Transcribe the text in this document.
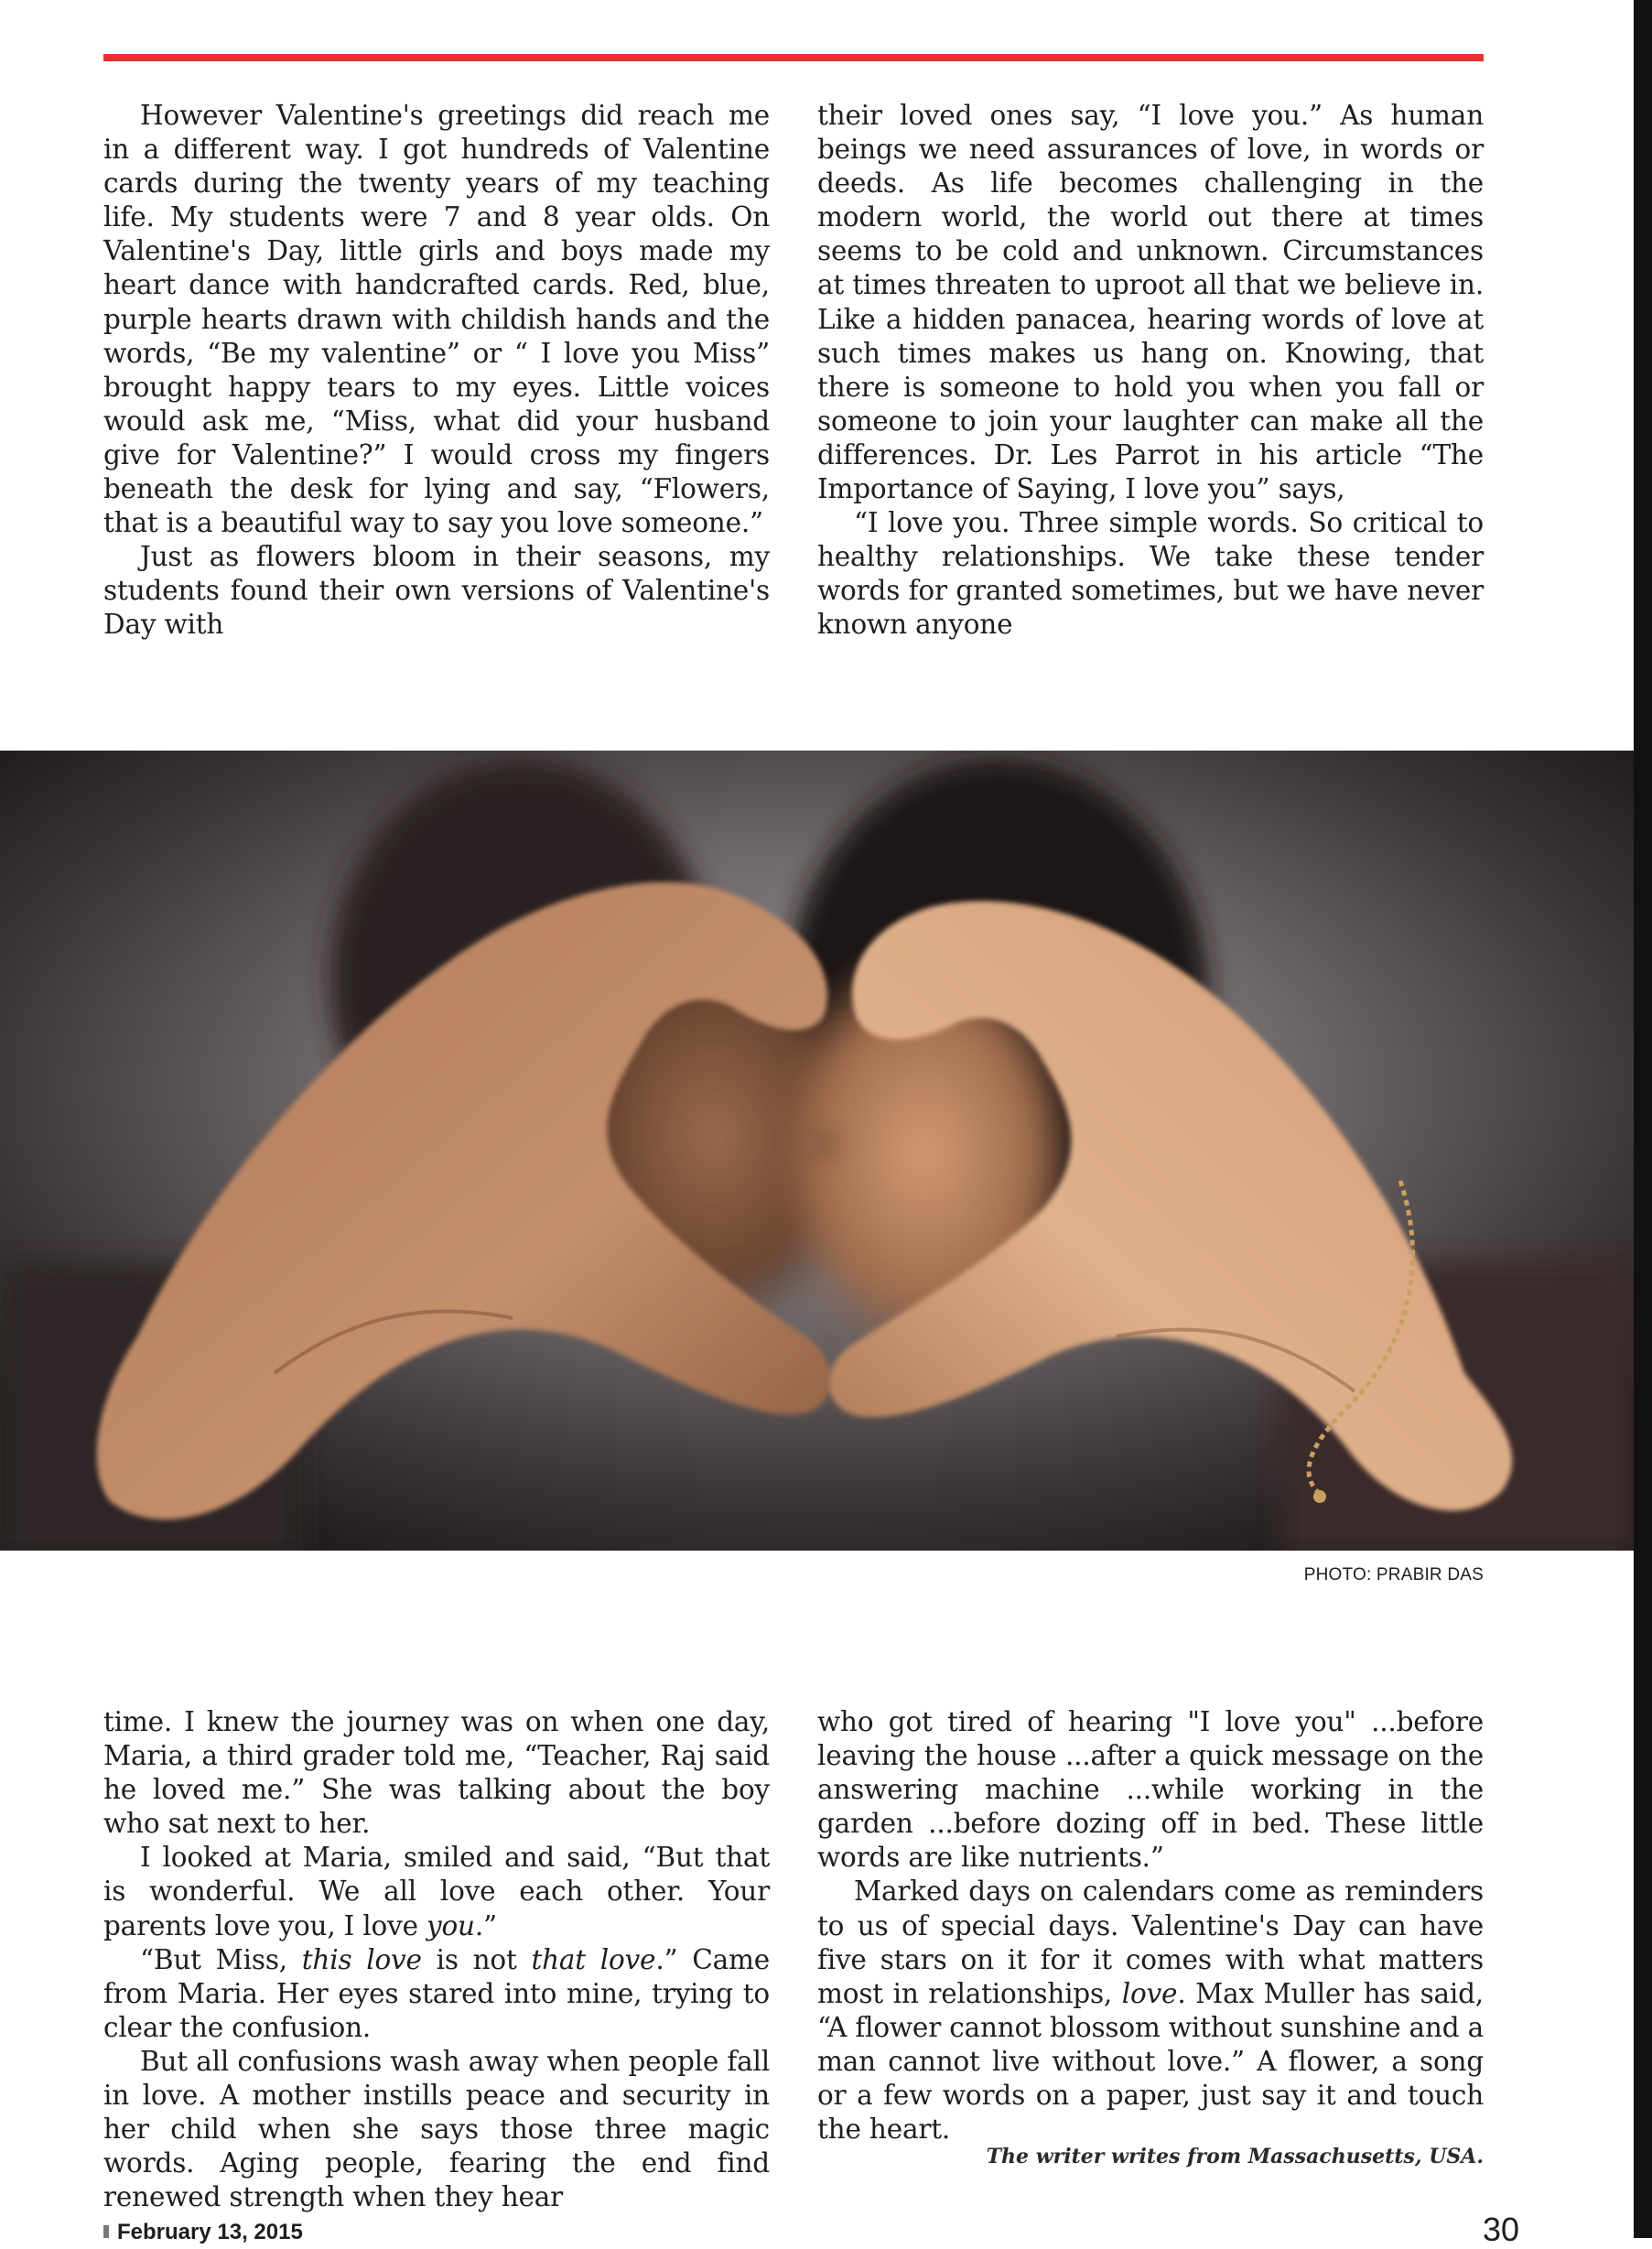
However Valentine's greetings did reach me in a different way. I got hundreds of Valentine cards during the twenty years of my teaching life. My students were 7 and 8 year olds. On Valentine's Day, little girls and boys made my heart dance with handcrafted cards. Red, blue, purple hearts drawn with childish hands and the words, “Be my valentine” or “ I love you Miss” brought happy tears to my eyes. Little voices would ask me, “Miss, what did your husband give for Valentine?” I would cross my fingers beneath the desk for lying and say, “Flowers, that is a beautiful way to say you love someone.”

Just as flowers bloom in their seasons, my students found their own versions of Valentine's Day with

their loved ones say, “I love you.” As human beings we need assurances of love, in words or deeds. As life becomes challenging in the modern world, the world out there at times seems to be cold and unknown. Circumstances at times threaten to uproot all that we believe in. Like a hidden panacea, hearing words of love at such times makes us hang on. Knowing, that there is someone to hold you when you fall or someone to join your laughter can make all the differences. Dr. Les Parrot in his article “The Importance of Saying, I love you” says,

“I love you. Three simple words. So critical to healthy relationships. We take these tender words for granted sometimes, but we have never known anyone

PHOTO: PRABIR DAS

time. I knew the journey was on when one day, Maria, a third grader told me, “Teacher, Raj said he loved me.” She was talking about the boy who sat next to her.

I looked at Maria, smiled and said, “But that is wonderful. We all love each other. Your parents love you, I love you.”

“But Miss, this love is not that love.” Came from Maria. Her eyes stared into mine, trying to clear the confusion.

But all confusions wash away when people fall in love. A mother instills peace and security in her child when she says those three magic words. Aging people, fearing the end find renewed strength when they hear

who got tired of hearing "I love you" ...before leaving the house ...after a quick message on the answering machine ...while working in the garden ...before dozing off in bed. These little words are like nutrients.”

Marked days on calendars come as reminders to us of special days. Valentine's Day can have five stars on it for it comes with what matters most in relationships, love. Max Muller has said, “A flower cannot blossom without sunshine and a man cannot live without love.” A flower, a song or a few words on a paper, just say it and touch the heart.

The writer writes from Massachusetts, USA.
February 13, 2015	30
